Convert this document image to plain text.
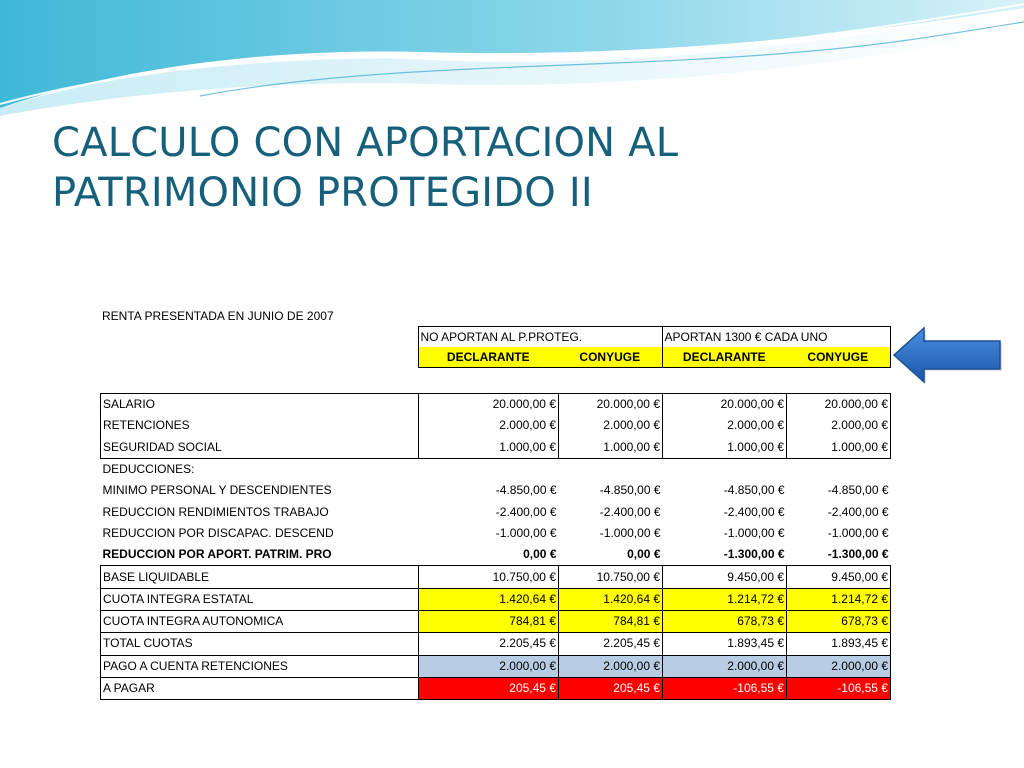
CALCULO CON APORTACION AL
PATRIMONIO PROTEGIDO II
RENTA PRESENTADA EN JUNIO DE 2007
	NO APORTAN AL P.PROTEG.		APORTAN 1300 € CADA UNO	
	DECLARANTE	CONYUGE	DECLARANTE	CONYUGE
SALARIO	20.000,00 €	20.000,00 €	20.000,00 €	20.000,00 €
RETENCIONES	2.000,00 €	2.000,00 €	2.000,00 €	2.000,00 €
SEGURIDAD SOCIAL	1.000,00 €	1.000,00 €	1.000,00 €	1.000,00 €
DEDUCCIONES:				
MINIMO PERSONAL Y DESCENDIENTES	-4.850,00 €	-4.850,00 €	-4.850,00 €	-4.850,00 €
REDUCCION RENDIMIENTOS TRABAJO	-2.400,00 €	-2.400,00 €	-2.400,00 €	-2.400,00 €
REDUCCION POR DISCAPAC. DESCEND	-1.000,00 €	-1.000,00 €	-1.000,00 €	-1.000,00 €
REDUCCION POR APORT. PATRIM. PRO	0,00 €	0,00 €	-1.300,00 €	-1.300,00 €
BASE LIQUIDABLE	10.750,00 €	10.750,00 €	9.450,00 €	9.450,00 €
CUOTA INTEGRA ESTATAL	1.420,64 €	1.420,64 €	1.214,72 €	1.214,72 €
CUOTA INTEGRA AUTONOMICA	784,81 €	784,81 €	678,73 €	678,73 €
TOTAL CUOTAS	2.205,45 €	2.205,45 €	1.893,45 €	1.893,45 €
PAGO A CUENTA RETENCIONES	2.000,00 €	2.000,00 €	2.000,00 €	2.000,00 €
A PAGAR	205,45 €	205,45 €	-106,55 €	-106,55 €
